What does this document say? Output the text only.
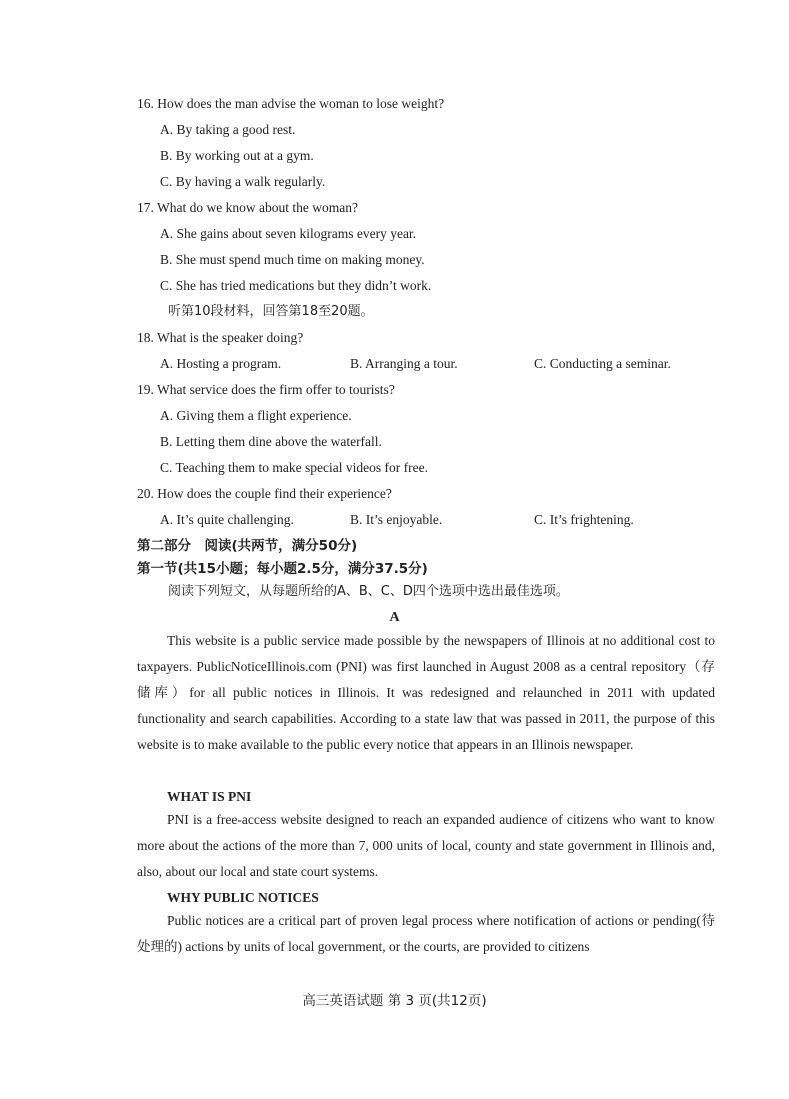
16. How does the man advise the woman to lose weight?
A. By taking a good rest.
B. By working out at a gym.
C. By having a walk regularly.
17. What do we know about the woman?
A. She gains about seven kilograms every year.
B. She must spend much time on making money.
C. She has tried medications but they didn’t work.
听第10段材料，回答第18至20题。
18. What is the speaker doing?
A. Hosting a program.	B. Arranging a tour.	C. Conducting a seminar.
19. What service does the firm offer to tourists?
A. Giving them a flight experience.
B. Letting them dine above the waterfall.
C. Teaching them to make special videos for free.
20. How does the couple find their experience?
A. It’s quite challenging.	B. It’s enjoyable.	C. It’s frightening.
第二部分　阅读(共两节，满分50分)
第一节(共15小题；每小题2.5分，满分37.5分)
阅读下列短文，从每题所给的A、B、C、D四个选项中选出最佳选项。
A

This website is a public service made possible by the newspapers of Illinois at no additional cost to taxpayers. PublicNoticeIllinois.com (PNI) was first launched in August 2008 as a central repository（存储库）for all public notices in Illinois. It was redesigned and relaunched in 2011 with updated functionality and search capabilities. According to a state law that was passed in 2011, the purpose of this website is to make available to the public every notice that appears in an Illinois newspaper.

WHAT IS PNI

PNI is a free-access website designed to reach an expanded audience of citizens who want to know more about the actions of the more than 7, 000 units of local, county and state government in Illinois and, also, about our local and state court systems.

WHY PUBLIC NOTICES

Public notices are a critical part of proven legal process where notification of actions or pending(待处理的) actions by units of local government, or the courts, are provided to citizens

高三英语试题 第 3 页(共12页)
